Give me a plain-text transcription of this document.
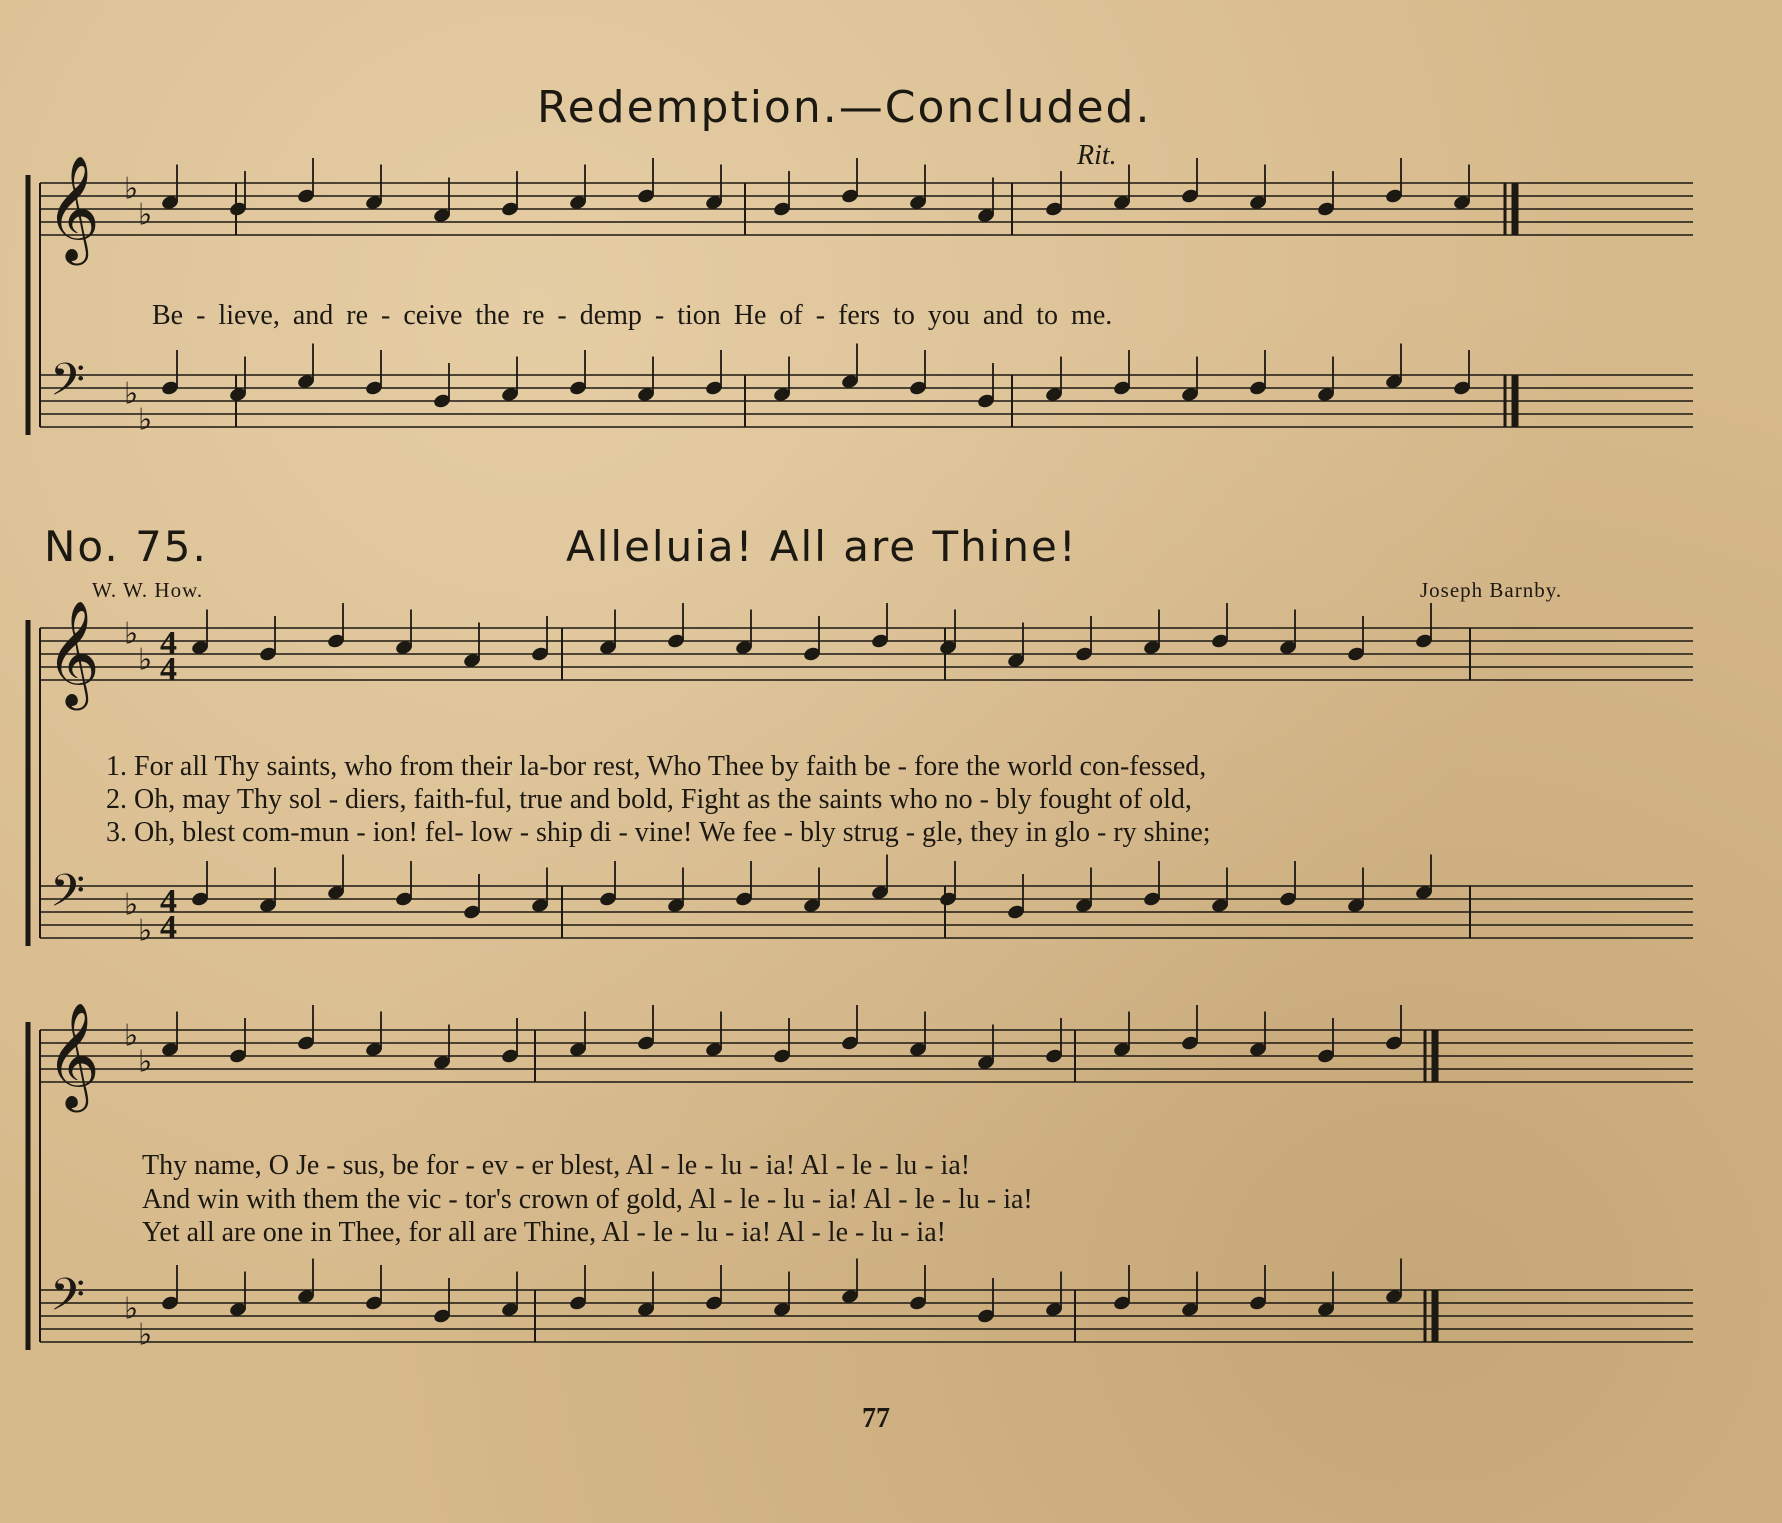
Redemption.—Concluded.
Rit.
Be - lieve, and re - ceive the re - demp - tion He of - fers to you and to me.
No. 75.	Alleluia! All are Thine!
W. W. How.	Joseph Barnby.
1. For all Thy saints, who from their la-bor rest, Who Thee by faith be - fore the world con-fessed,
2. Oh, may Thy sol - diers, faith-ful, true and bold, Fight as the saints who no - bly fought of old,
3. Oh, blest com-mun - ion! fel- low - ship di - vine! We fee - bly strug - gle, they in glo - ry shine;
Thy name, O Je - sus, be for - ev - er blest, Al - le - lu - ia! Al - le - lu - ia!
And win with them the vic - tor's crown of gold, Al - le - lu - ia! Al - le - lu - ia!
Yet all are one in Thee, for all are Thine, Al - le - lu - ia! Al - le - lu - ia!
77
𝄞
𝄢
♭
♭
♭
♭
𝄞
𝄢
♭
♭
♭
♭
4
4
4
4
𝄞
𝄢
♭
♭
♭
♭
